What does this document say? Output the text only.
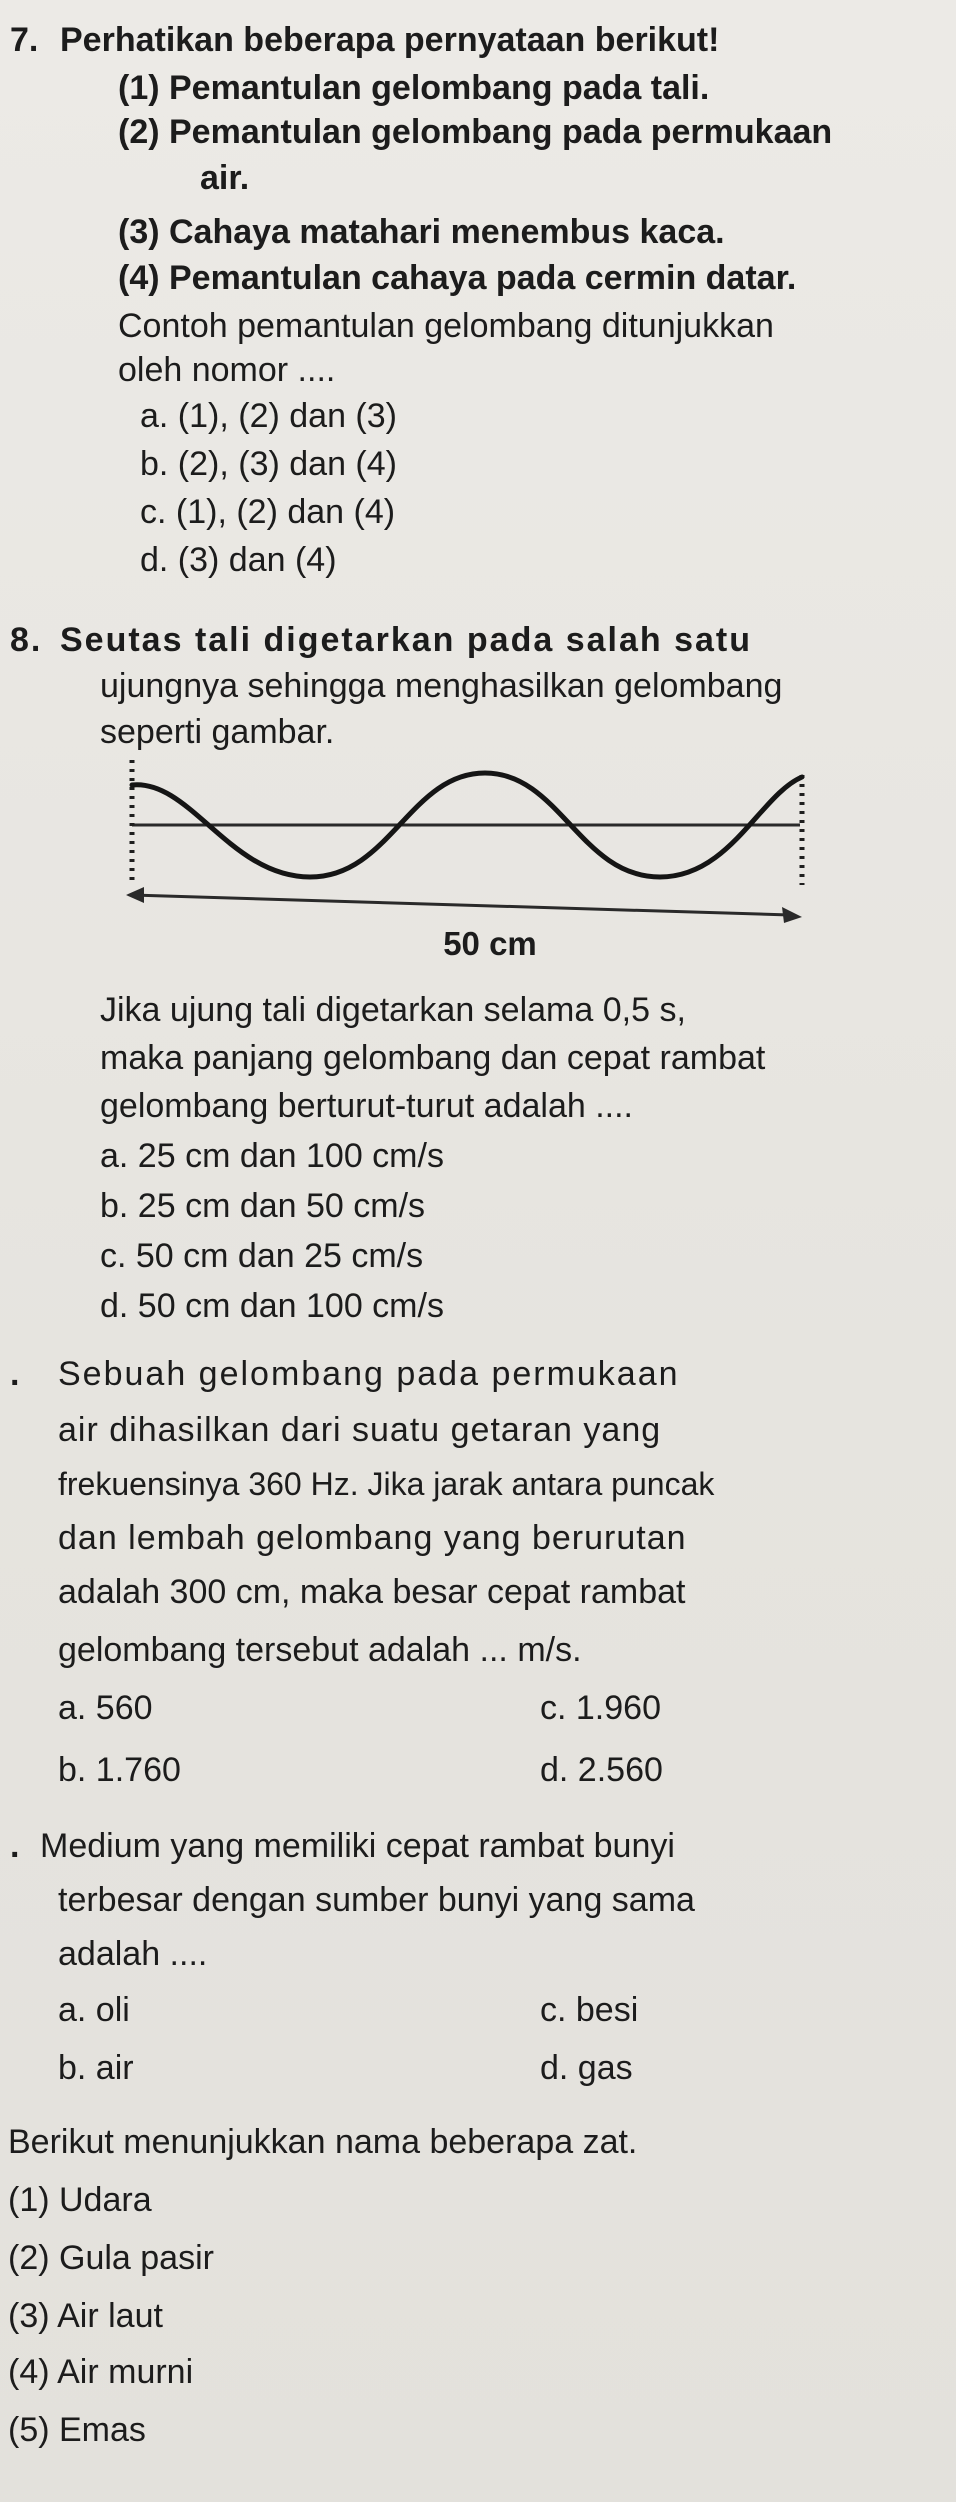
7. Perhatikan beberapa pernyataan berikut!
(1) Pemantulan gelombang pada tali.
(2) Pemantulan gelombang pada permukaan
air.
(3) Cahaya matahari menembus kaca.
(4) Pemantulan cahaya pada cermin datar.
Contoh pemantulan gelombang ditunjukkan
oleh nomor ....
a. (1), (2) dan (3)
b. (2), (3) dan (4)
c. (1), (2) dan (4)
d. (3) dan (4)
8. Seutas tali digetarkan pada salah satu
ujungnya sehingga menghasilkan gelombang
seperti gambar.
50 cm
Jika ujung tali digetarkan selama 0,5 s,
maka panjang gelombang dan cepat rambat
gelombang berturut-turut adalah ....
a. 25 cm dan 100 cm/s
b. 25 cm dan 50 cm/s
c. 50 cm dan 25 cm/s
d. 50 cm dan 100 cm/s
. Sebuah gelombang pada permukaan
air dihasilkan dari suatu getaran yang
frekuensinya 360 Hz. Jika jarak antara puncak
dan lembah gelombang yang berurutan
adalah 300 cm, maka besar cepat rambat
gelombang tersebut adalah ... m/s.
a. 560	c. 1.960
b. 1.760	d. 2.560
. Medium yang memiliki cepat rambat bunyi
terbesar dengan sumber bunyi yang sama
adalah ....
a. oli	c. besi
b. air	d. gas
Berikut menunjukkan nama beberapa zat.
(1) Udara
(2) Gula pasir
(3) Air laut
(4) Air murni
(5) Emas
